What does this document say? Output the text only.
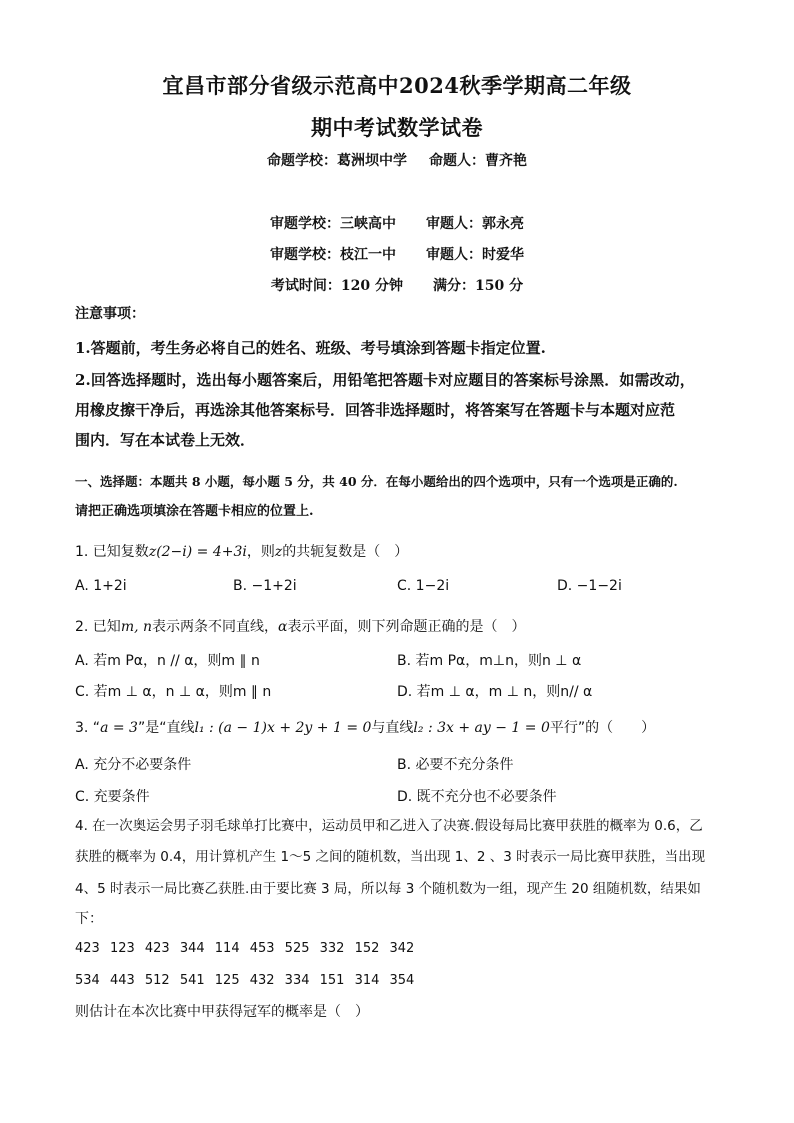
宜昌市部分省级示范高中2024秋季学期高二年级
期中考试数学试卷
命题学校：葛洲坝中学 命题人：曹齐艳
审题学校：三峡高中 审题人：郭永亮
审题学校：枝江一中 审题人：时爱华
考试时间：120 分钟 满分：150 分
注意事项：
1.答题前，考生务必将自己的姓名、班级、考号填涂到答题卡指定位置.
2.回答选择题时，选出每小题答案后，用铅笔把答题卡对应题目的答案标号涂黑．如需改动，
用橡皮擦干净后，再选涂其他答案标号．回答非选择题时，将答案写在答题卡与本题对应范
围内．写在本试卷上无效．
一、选择题：本题共 8 小题，每小题 5 分，共 40 分．在每小题给出的四个选项中，只有一个选项是正确的.
请把正确选项填涂在答题卡相应的位置上.
1. 已知复数z(2−i) = 4+3i，则z的共轭复数是（　）
A. 1+2i	B. −1+2i	C. 1−2i	D. −1−2i
2. 已知m, n表示两条不同直线，α表示平面，则下列命题正确的是（　）
A. 若m Pα，n // α，则m ∥ n	B. 若m Pα，m⊥n，则n ⊥ α
C. 若m ⊥ α，n ⊥ α，则m ∥ n	D. 若m ⊥ α，m ⊥ n，则n// α
3. “a = 3”是“直线l₁ : (a − 1)x + 2y + 1 = 0与直线l₂ : 3x + ay − 1 = 0平行”的（　　）
A. 充分不必要条件	B. 必要不充分条件
C. 充要条件	D. 既不充分也不必要条件
4. 在一次奥运会男子羽毛球单打比赛中，运动员甲和乙进入了决赛.假设每局比赛甲获胜的概率为 0.6，乙
获胜的概率为 0.4，用计算机产生 1～5 之间的随机数，当出现 1、2 、3 时表示一局比赛甲获胜，当出现
4、5 时表示一局比赛乙获胜.由于要比赛 3 局，所以每 3 个随机数为一组，现产生 20 组随机数，结果如
下：
423 123 423 344 114 453 525 332 152 342
534 443 512 541 125 432 334 151 314 354
则估计在本次比赛中甲获得冠军的概率是（　）
